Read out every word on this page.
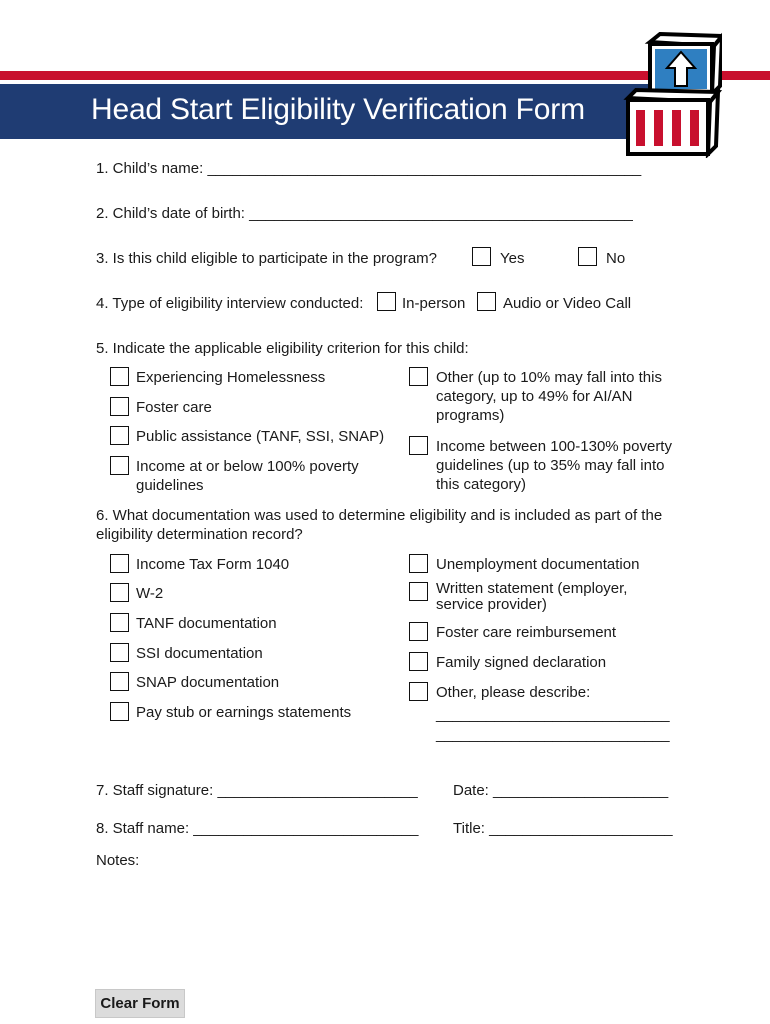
Head Start Eligibility Verification Form
1. Child’s name: ____________________________________________________
2. Child’s date of birth: ______________________________________________
3. Is this child eligible to participate in the program?	Yes	No
4. Type of eligibility interview conducted:	In-person	Audio or Video Call
5. Indicate the applicable eligibility criterion for this child:
Experiencing Homelessness
Foster care
Public assistance (TANF, SSI, SNAP)
Income at or below 100% poverty guidelines
Other (up to 10% may fall into this category, up to 49% for AI/AN programs)
Income between 100-130% poverty guidelines (up to 35% may fall into this category)
6. What documentation was used to determine eligibility and is included as part of the eligibility determination record?
Income Tax Form 1040
W-2
TANF documentation
SSI documentation
SNAP documentation
Pay stub or earnings statements
Unemployment documentation
Written statement (employer, service provider)
Foster care reimbursement
Family signed declaration
Other, please describe:
____________________________
____________________________
7. Staff signature: ________________________ Date: _____________________
8. Staff name: ___________________________ Title: ______________________
Notes:
Clear Form
